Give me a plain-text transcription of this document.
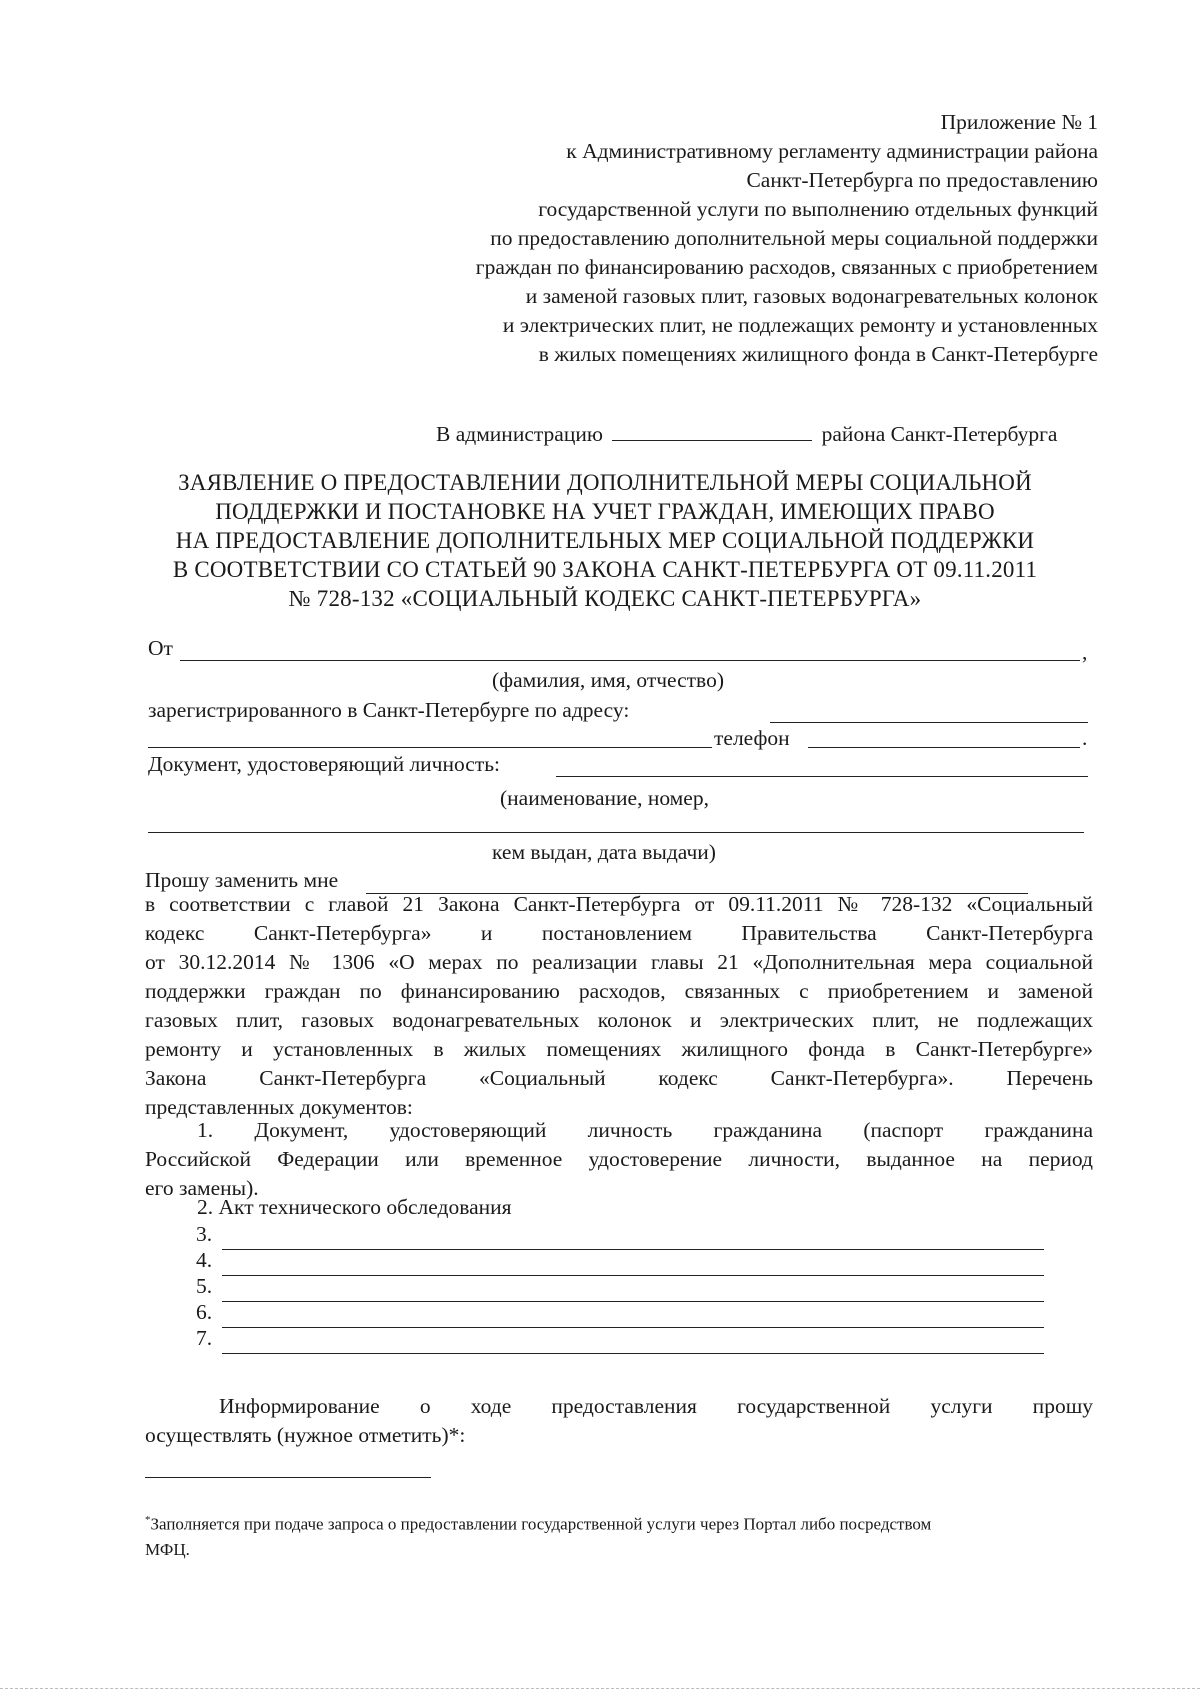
Приложение № 1
к Административному регламенту администрации района
Санкт-Петербурга по предоставлению
государственной услуги по выполнению отдельных функций
по предоставлению дополнительной меры социальной поддержки
граждан по финансированию расходов, связанных с приобретением
и заменой газовых плит, газовых водонагревательных колонок
и электрических плит, не подлежащих ремонту и установленных
в жилых помещениях жилищного фонда в Санкт-Петербурге
В администрацию	района Санкт-Петербурга
ЗАЯВЛЕНИЕ О ПРЕДОСТАВЛЕНИИ ДОПОЛНИТЕЛЬНОЙ МЕРЫ СОЦИАЛЬНОЙ
ПОДДЕРЖКИ И ПОСТАНОВКЕ НА УЧЕТ ГРАЖДАН, ИМЕЮЩИХ ПРАВО
НА ПРЕДОСТАВЛЕНИЕ ДОПОЛНИТЕЛЬНЫХ МЕР СОЦИАЛЬНОЙ ПОДДЕРЖКИ
В СООТВЕТСТВИИ СО СТАТЬЕЙ 90 ЗАКОНА САНКТ-ПЕТЕРБУРГА ОТ 09.11.2011
№ 728-132 «СОЦИАЛЬНЫЙ КОДЕКС САНКТ-ПЕТЕРБУРГА»
От	,
(фамилия, имя, отчество)
зарегистрированного в Санкт-Петербурге по адресу:
телефон	.
Документ, удостоверяющий личность:
(наименование, номер,
кем выдан, дата выдачи)
Прошу заменить мне
в соответствии с главой 21 Закона Санкт-Петербурга от 09.11.2011 № 728-132 «Социальный
кодекс Санкт-Петербурга» и постановлением Правительства Санкт-Петербурга
от 30.12.2014 № 1306 «О мерах по реализации главы 21 «Дополнительная мера социальной
поддержки граждан по финансированию расходов, связанных с приобретением и заменой
газовых плит, газовых водонагревательных колонок и электрических плит, не подлежащих
ремонту и установленных в жилых помещениях жилищного фонда в Санкт-Петербурге»
Закона Санкт-Петербурга «Социальный кодекс Санкт-Петербурга». Перечень
представленных документов:
1. Документ, удостоверяющий личность гражданина (паспорт гражданина
Российской Федерации или временное удостоверение личности, выданное на период
его замены).
2. Акт технического обследования
3.
4.
5.
6.
7.
Информирование о ходе предоставления государственной услуги прошу
осуществлять (нужное отметить)*:
*Заполняется при подаче запроса о предоставлении государственной услуги через Портал либо посредством
МФЦ.
